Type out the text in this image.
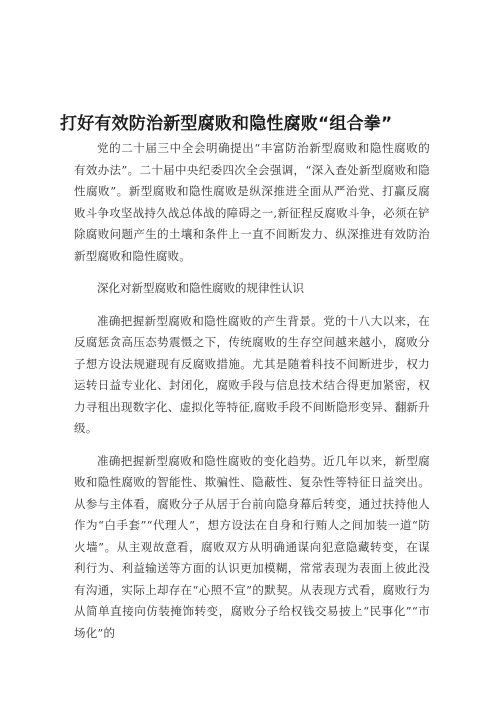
打好有效防治新型腐败和隐性腐败“组合拳”

党的二十届三中全会明确提出“丰富防治新型腐败和隐性腐败的有效办法”。二十届中央纪委四次全会强调，“深入查处新型腐败和隐性腐败”。新型腐败和隐性腐败是纵深推进全面从严治党、打赢反腐败斗争攻坚战持久战总体战的障碍之一,新征程反腐败斗争，必须在铲除腐败问题产生的土壤和条件上一直不间断发力、纵深推进有效防治新型腐败和隐性腐败。

深化对新型腐败和隐性腐败的规律性认识

准确把握新型腐败和隐性腐败的产生背景。党的十八大以来，在反腐惩贪高压态势震慑之下，传统腐败的生存空间越来越小，腐败分子想方设法规避现有反腐败措施。尤其是随着科技不间断进步，权力运转日益专业化、封闭化，腐败手段与信息技术结合得更加紧密，权力寻租出现数字化、虚拟化等特征,腐败手段不间断隐形变异、翻新升级。

准确把握新型腐败和隐性腐败的变化趋势。近几年以来，新型腐败和隐性腐败的智能性、欺骗性、隐蔽性、复杂性等特征日益突出。从参与主体看，腐败分子从居于台前向隐身幕后转变，通过扶持他人作为“白手套”“代理人”，想方设法在自身和行贿人之间加装一道“防火墙”。从主观故意看，腐败双方从明确通谋向犯意隐藏转变，在谋利行为、利益输送等方面的认识更加模糊，常常表现为表面上彼此没有沟通，实际上却存在“心照不宣”的默契。从表现方式看，腐败行为从简单直接向仿装掩饰转变，腐败分子给权钱交易披上“民事化”“市场化”的
